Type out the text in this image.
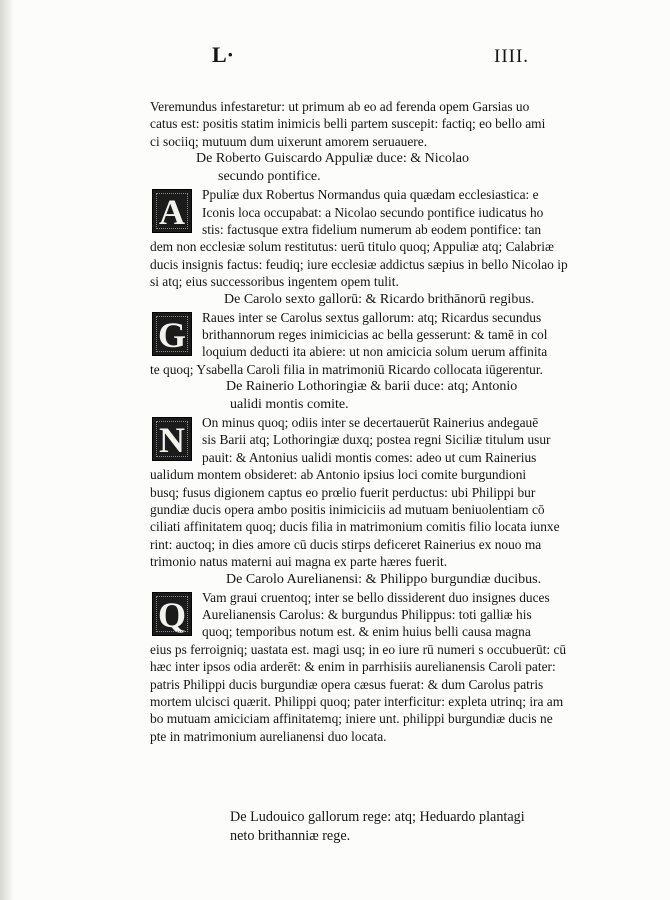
L·	IIII.
Veremundus infestaretur: ut primum ab eo ad ferenda opem Garsias uo
catus est: positis statim inimicis belli partem suscepit: factiq; eo bello ami
ci sociiq; mutuum dum uixerunt amorem seruauere.
De Roberto Guiscardo Appuliæ duce: & Nicolao
secundo pontifice.
A	Ppuliæ dux Robertus Normandus quia quædam ecclesiastica: e
Iconis loca occupabat: a Nicolao secundo pontifice iudicatus ho
stis: factusque extra fidelium numerum ab eodem pontifice: tan
dem non ecclesiæ solum restitutus: uerū titulo quoq; Appuliæ atq; Calabriæ
ducis insignis factus: feudiq; iure ecclesiæ addictus sæpius in bello Nicolao ip
si atq; eius successoribus ingentem opem tulit.
De Carolo sexto gallorū: & Ricardo brithānorū regibus.
G	Raues inter se Carolus sextus gallorum: atq; Ricardus secundus
brithannorum reges inimicicias ac bella gesserunt: & tamē in col
loquium deducti ita abiere: ut non amicicia solum uerum affinita
te quoq; Ysabella Caroli filia in matrimoniū Ricardo collocata iūgerentur.
De Rainerio Lothoringiæ & barii duce: atq; Antonio
ualidi montis comite.
N	On minus quoq; odiis inter se decertauerūt Rainerius andegauē
sis Barii atq; Lothoringiæ duxq; postea regni Siciliæ titulum usur
pauit: & Antonius ualidi montis comes: adeo ut cum Rainerius
ualidum montem obsideret: ab Antonio ipsius loci comite burgundioni
busq; fusus digionem captus eo prœlio fuerit perductus: ubi Philippi bur
gundiæ ducis opera ambo positis inimiciciis ad mutuam beniuolentiam cō
ciliati affinitatem quoq; ducis filia in matrimonium comitis filio locata iunxe
rint: auctoq; in dies amore cū ducis stirps deficeret Rainerius ex nouo ma
trimonio natus materni aui magna ex parte hæres fuerit.
De Carolo Aurelianensi: & Philippo burgundiæ ducibus.
Q	Vam graui cruentoq; inter se bello dissiderent duo insignes duces
Aurelianensis Carolus: & burgundus Philippus: toti galliæ his
quoq; temporibus notum est. & enim huius belli causa magna
eius ps ferroigniq; uastata est. magi usq; in eo iure rū numeri s occubuerūt: cū
hæc inter ipsos odia arderēt: & enim in parrhisiis aurelianensis Caroli pater:
patris Philippi ducis burgundiæ opera cæsus fuerat: & dum Carolus patris
mortem ulcisci quærit. Philippi quoq; pater interficitur: expleta utrinq; ira am
bo mutuam amiciciam affinitatemq; iniere unt. philippi burgundiæ ducis ne
pte in matrimonium aurelianensi duo locata.
De Ludouico gallorum rege: atq; Heduardo plantagi
neto brithanniæ rege.
